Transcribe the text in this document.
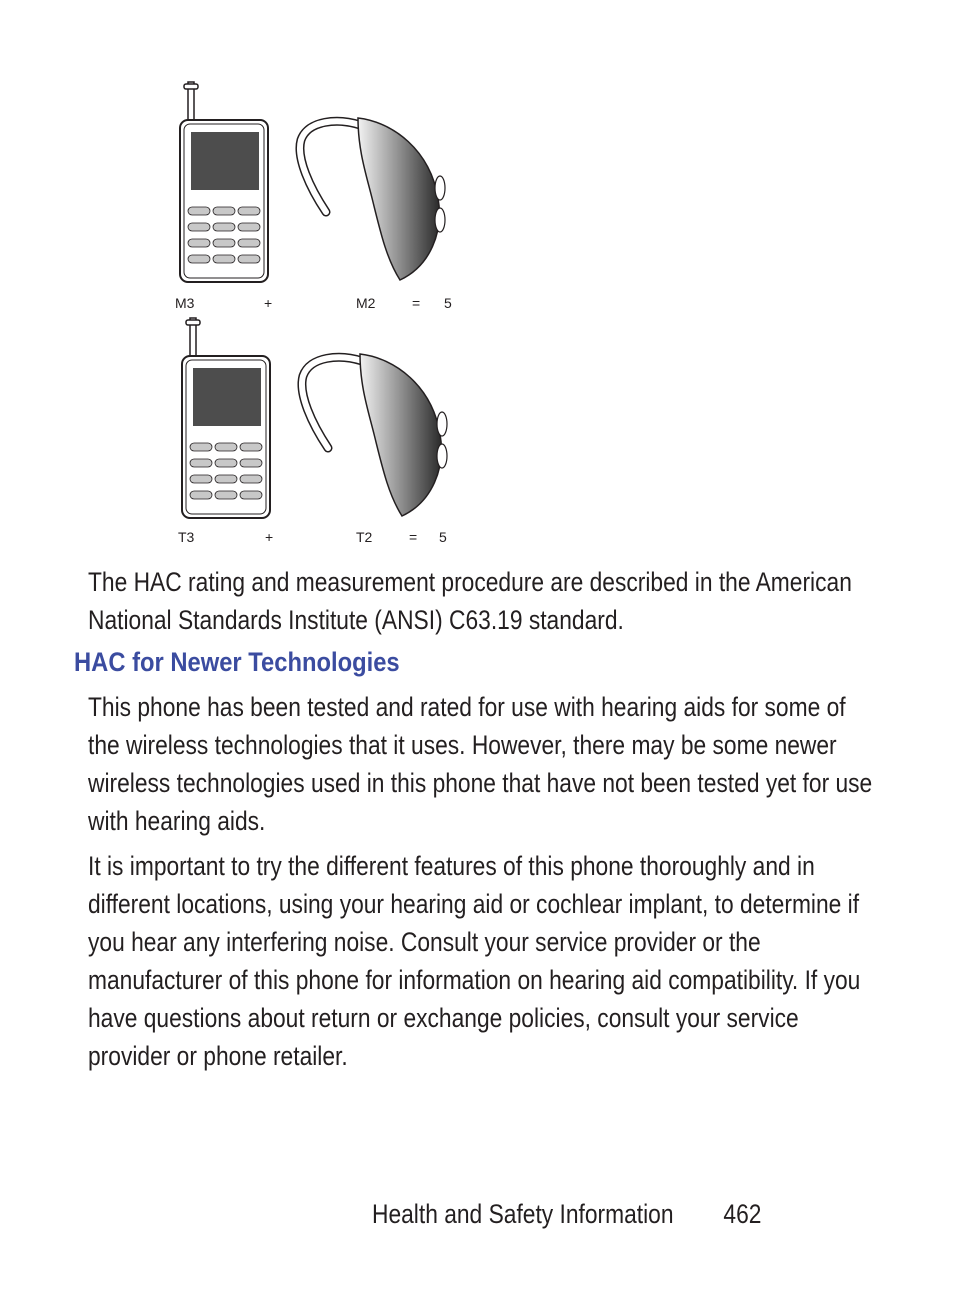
M3	+	M2	= 5
T3	+	T2	= 5

The HAC rating and measurement procedure are described in the American National Standards Institute (ANSI) C63.19 standard.

HAC for Newer Technologies

This phone has been tested and rated for use with hearing aids for some of the wireless technologies that it uses. However, there may be some newer wireless technologies used in this phone that have not been tested yet for use with hearing aids.

It is important to try the different features of this phone thoroughly and in different locations, using your hearing aid or cochlear implant, to determine if you hear any interfering noise. Consult your service provider or the manufacturer of this phone for information on hearing aid compatibility. If you have questions about return or exchange policies, consult your service provider or phone retailer.

Health and Safety Information 462
